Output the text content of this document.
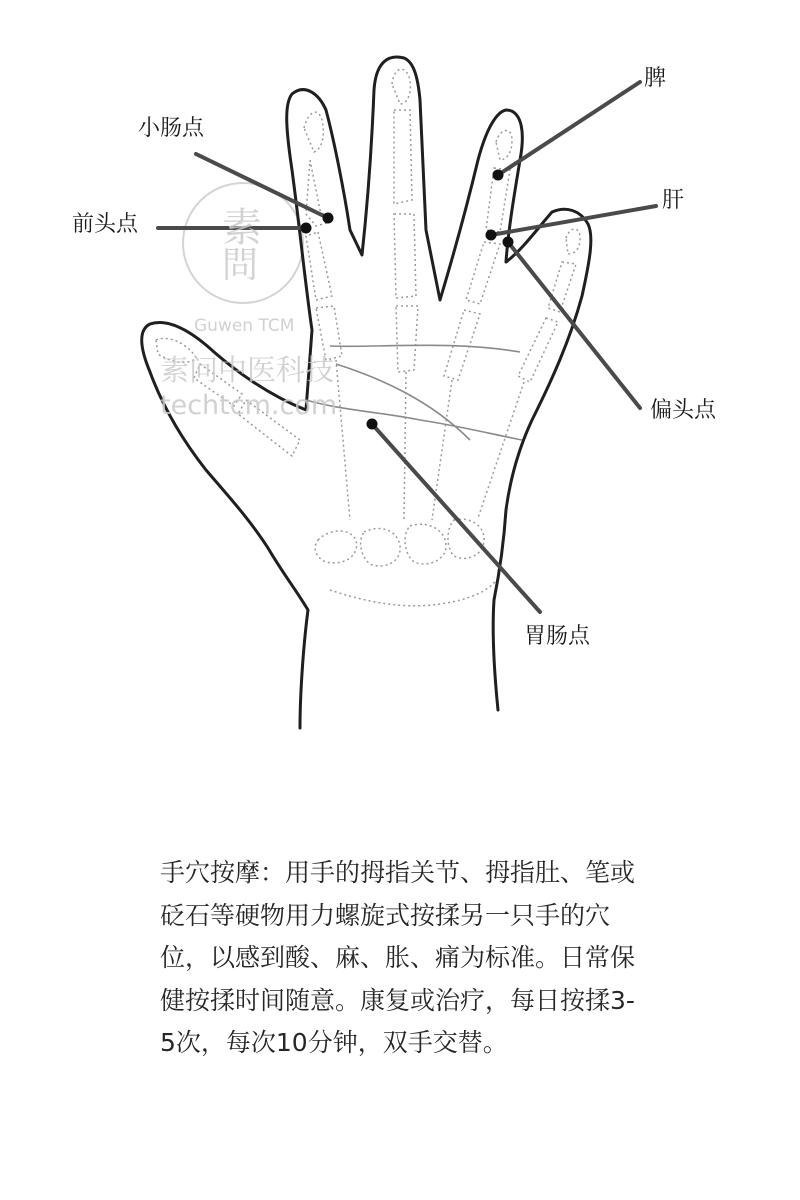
素
問
Guwen TCM
素问中医科技
techtcm.com
小肠点
前头点
脾
肝
偏头点
胃肠点

手穴按摩：用手的拇指关节、拇指肚、笔或砭石等硬物用力螺旋式按揉另一只手的穴位，以感到酸、麻、胀、痛为标准。日常保健按揉时间随意。康复或治疗，每日按揉3-5次，每次10分钟，双手交替。
